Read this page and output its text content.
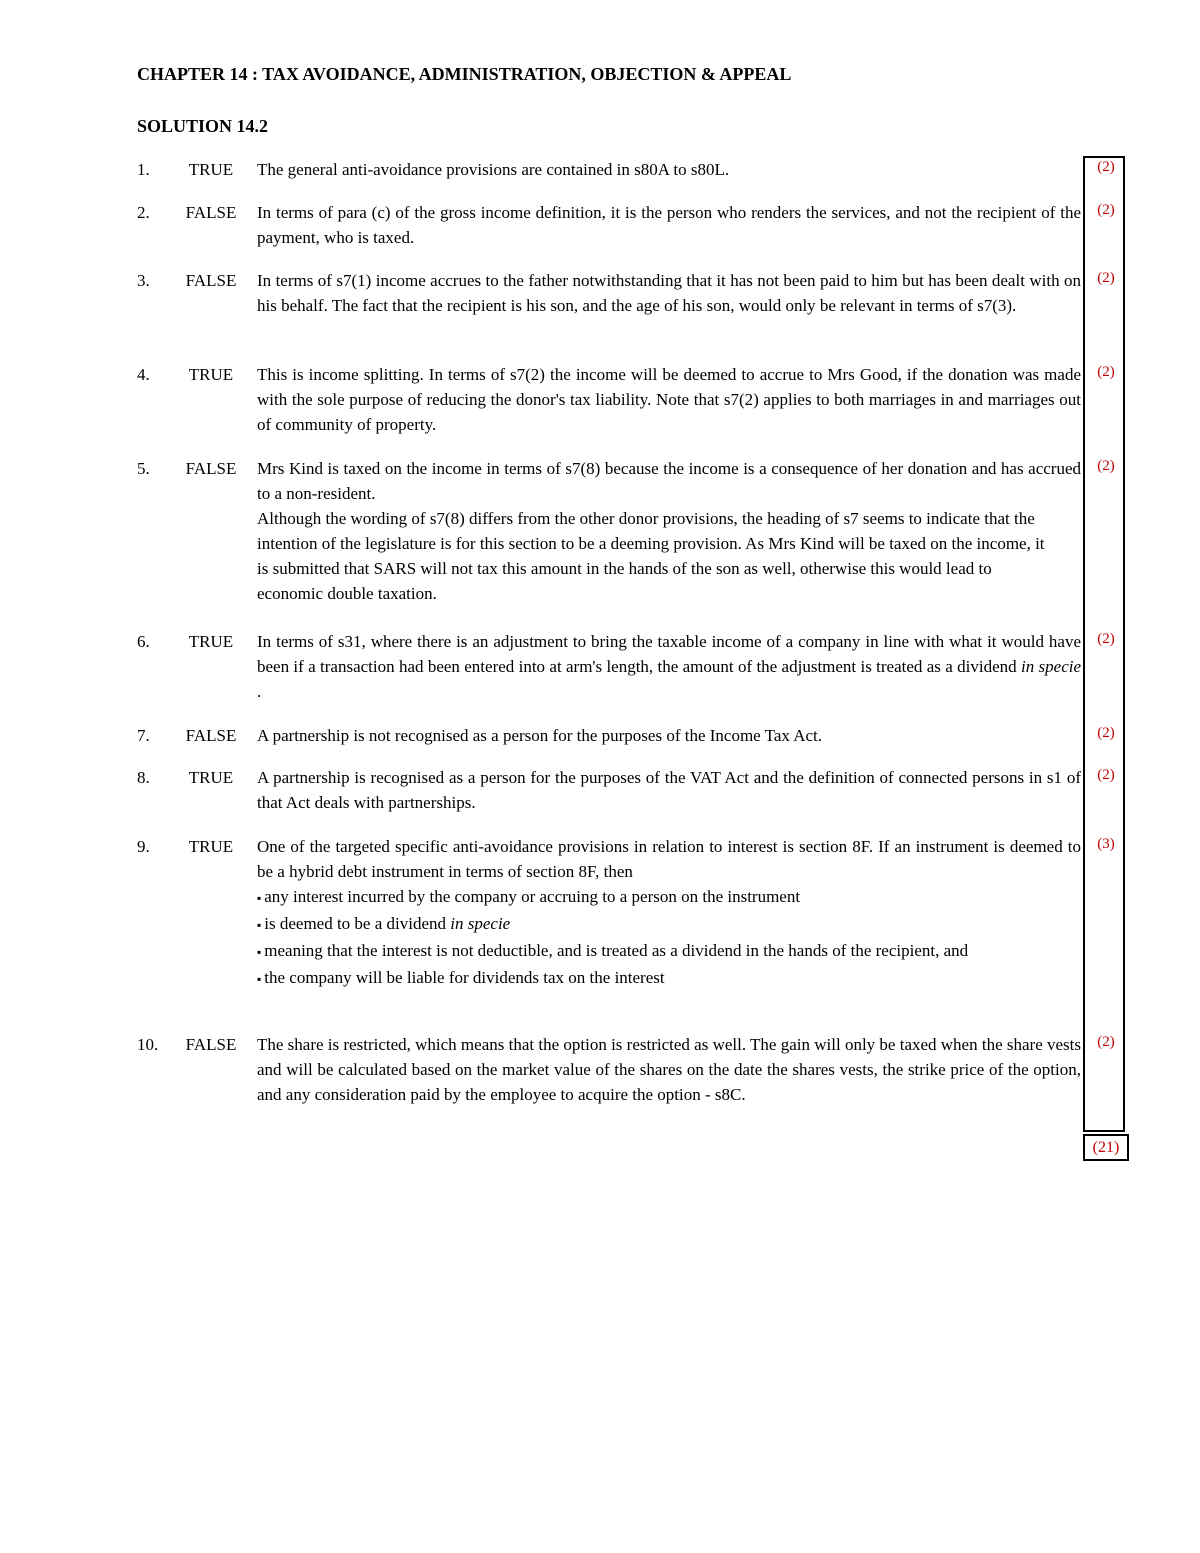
CHAPTER 14 : TAX AVOIDANCE, ADMINISTRATION, OBJECTION & APPEAL
SOLUTION 14.2
(21)
1.	TRUE	The general anti-avoidance provisions are contained in s80A to s80L.	(2)
2.	FALSE	In terms of para (c) of the gross income definition, it is the person who renders the services, and not the recipient of the payment, who is taxed.

(2)
3.	FALSE	In terms of s7(1) income accrues to the father notwithstanding that it has not been paid to him but has been dealt with on his behalf. The fact that the recipient is his son, and the age of his son, would only be relevant in terms of s7(3).

(2)
4.	TRUE	This is income splitting. In terms of s7(2) the income will be deemed to accrue to Mrs Good, if the donation was made with the sole purpose of reducing the donor's tax liability. Note that s7(2) applies to both marriages in and marriages out of community of property.

(2)
5.	FALSE	Mrs Kind is taxed on the income in terms of s7(8) because the income is a consequence of her donation and has accrued to a non-resident.

Although the wording of s7(8) differs from the other donor provisions, the heading of s7 seems to indicate that the intention of the legislature is for this section to be a deeming provision. As Mrs Kind will be taxed on the income, it is submitted that SARS will not tax this amount in the hands of the son as well, otherwise this would lead to economic double taxation.

(2)
6.	TRUE	In terms of s31, where there is an adjustment to bring the taxable income of a company in line with what it would have been if a transaction had been entered into at arm's length, the amount of the adjustment is treated as a dividend in specie .

(2)
7.	FALSE	A partnership is not recognised as a person for the purposes of the Income Tax Act.	(2)
8.	TRUE	A partnership is recognised as a person for the purposes of the VAT Act and the definition of connected persons in s1 of that Act deals with partnerships.

(2)
9.	TRUE	One of the targeted specific anti-avoidance provisions in relation to interest is section 8F. If an instrument is deemed to be a hybrid debt instrument in terms of section 8F, then

▪ any interest incurred by the company or accruing to a person on the instrument
▪ is deemed to be a dividend in specie
▪ meaning that the interest is not deductible, and is treated as a dividend in the hands of the recipient, and
▪ the company will be liable for dividends tax on the interest
(3)
10.	FALSE	The share is restricted, which means that the option is restricted as well. The gain will only be taxed when the share vests and will be calculated based on the market value of the shares on the date the shares vests, the strike price of the option, and any consideration paid by the employee to acquire the option - s8C.

(2)
